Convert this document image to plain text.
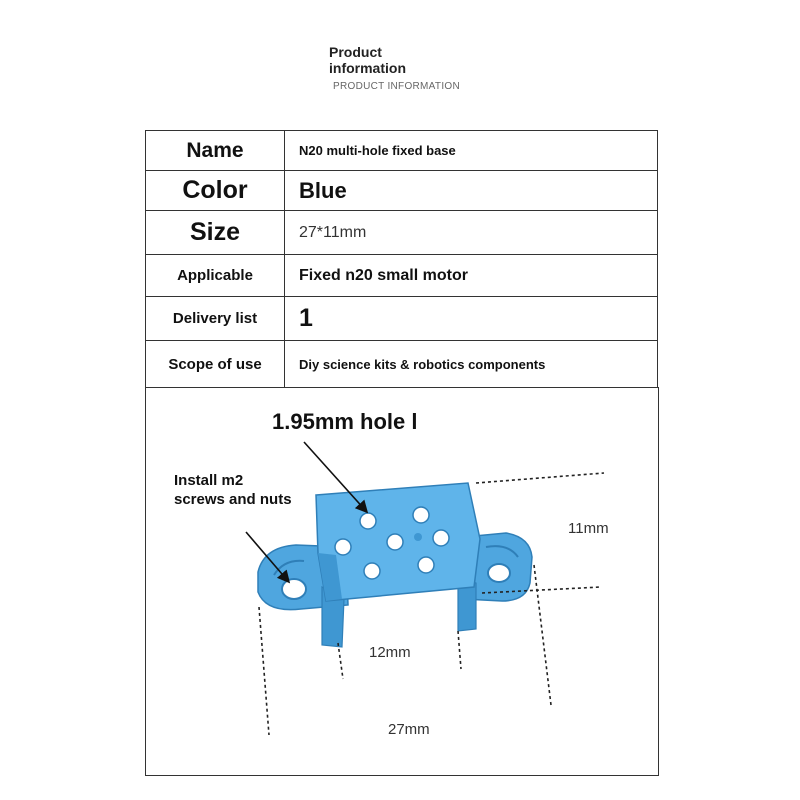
Product
information
PRODUCT INFORMATION
Name	N20 multi-hole fixed base
Color	Blue
Size	27*11mm
Applicable	Fixed n20 small motor
Delivery list	1
Scope of use	Diy science kits & robotics components
1.95mm hole l
Install m2
screws and nuts
11mm
12mm
27mm
